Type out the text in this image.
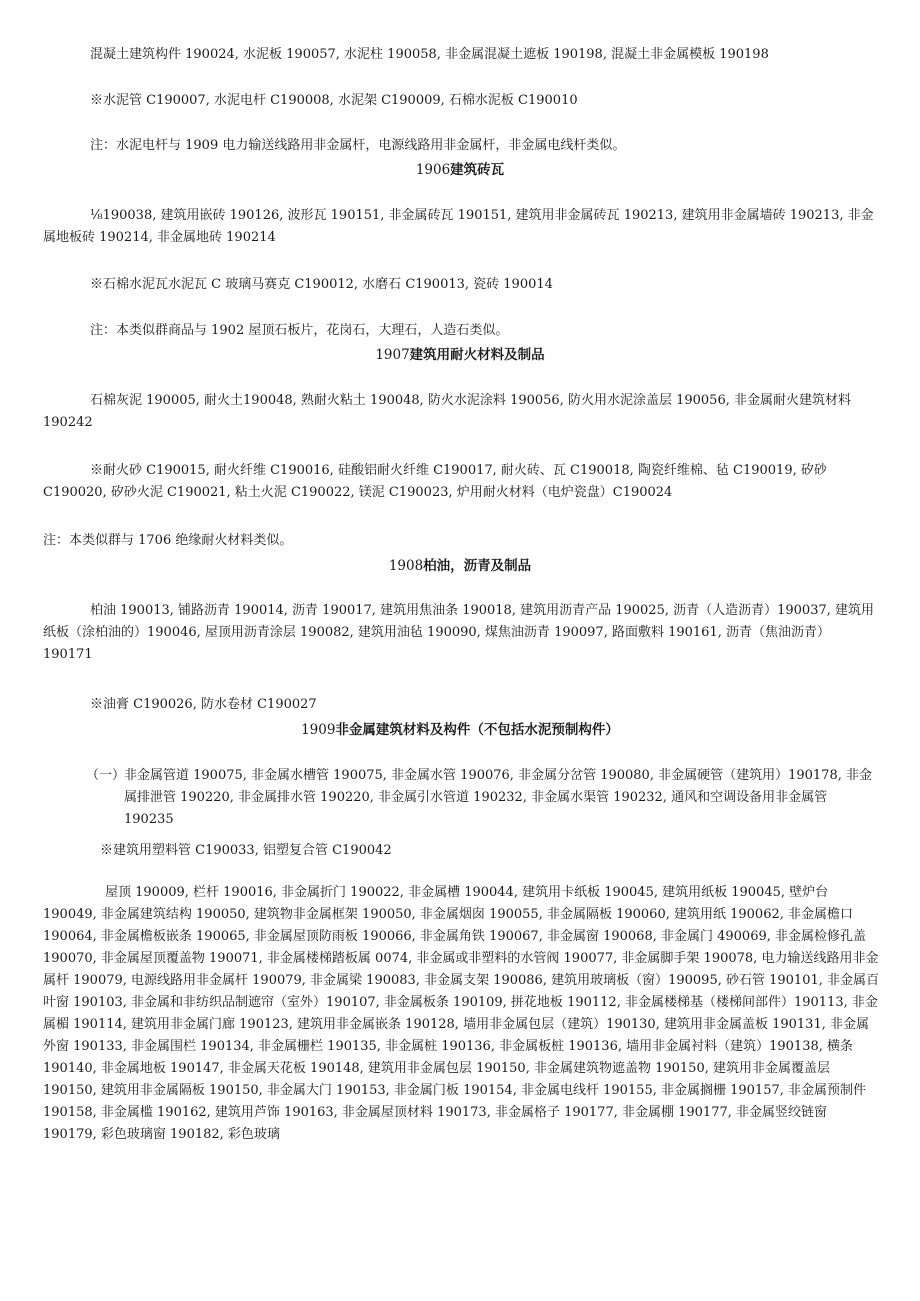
混凝土建筑构件 190024, 水泥板 190057, 水泥柱 190058, 非金属混凝土遮板 190198, 混凝土非金属模板 190198

※水泥管 C190007, 水泥电杆 C190008, 水泥架 C190009, 石棉水泥板 C190010

注：水泥电杆与 1909 电力输送线路用非金属杆，电源线路用非金属杆，非金属电线杆类似。

1906建筑砖瓦

⅛190038, 建筑用嵌砖 190126, 波形瓦 190151, 非金属砖瓦 190151, 建筑用非金属砖瓦 190213, 建筑用非金属墙砖 190213, 非金属地板砖 190214, 非金属地砖 190214

※石棉水泥瓦水泥瓦 C 玻璃马赛克 C190012, 水磨石 C190013, 瓷砖 190014

注：本类似群商品与 1902 屋顶石板片，花岗石，大理石，人造石类似。

1907建筑用耐火材料及制品

石棉灰泥 190005, 耐火土190048, 熟耐火粘土 190048, 防火水泥涂料 190056, 防火用水泥涂盖层 190056, 非金属耐火建筑材料 190242

※耐火砂 C190015, 耐火纤维 C190016, 硅酸铝耐火纤维 C190017, 耐火砖、瓦 C190018, 陶瓷纤维棉、毡 C190019, 矽砂 C190020, 矽砂火泥 C190021, 粘土火泥 C190022, 镁泥 C190023, 炉用耐火材料（电炉瓷盘）C190024

注：本类似群与 1706 绝缘耐火材料类似。

1908柏油，沥青及制品

柏油 190013, 铺路沥青 190014, 沥青 190017, 建筑用焦油条 190018, 建筑用沥青产品 190025, 沥青（人造沥青）190037, 建筑用纸板（涂柏油的）190046, 屋顶用沥青涂层 190082, 建筑用油毡 190090, 煤焦油沥青 190097, 路面敷料 190161, 沥青（焦油沥青）190171

※油膏 C190026, 防水卷材 C190027

1909非金属建筑材料及构件（不包括水泥预制构件）
（一）
非金属管道 190075, 非金属水槽管 190075, 非金属水管 190076, 非金属分岔管 190080, 非金属硬管（建筑用）190178, 非金属排泄管 190220, 非金属排水管 190220, 非金属引水管道 190232, 非金属水渠管 190232, 通风和空调设备用非金属管 190235

※建筑用塑料管 C190033, 铝塑复合管 C190042

屋顶 190009, 栏杆 190016, 非金属折门 190022, 非金属槽 190044, 建筑用卡纸板 190045, 建筑用纸板 190045, 壁炉台 190049, 非金属建筑结构 190050, 建筑物非金属框架 190050, 非金属烟囱 190055, 非金属隔板 190060, 建筑用纸 190062, 非金属檐口 190064, 非金属檐板嵌条 190065, 非金属屋顶防雨板 190066, 非金属角铁 190067, 非金属窗 190068, 非金属门 490069, 非金属检修孔盖 190070, 非金属屋顶覆盖物 190071, 非金属楼梯踏板属 0074, 非金属或非塑料的水管阀 190077, 非金属脚手架 190078, 电力输送线路用非金属杆 190079, 电源线路用非金属杆 190079, 非金属梁 190083, 非金属支架 190086, 建筑用玻璃板（窗）190095, 砂石管 190101, 非金属百叶窗 190103, 非金属和非纺织品制遮帘（室外）190107, 非金属板条 190109, 拼花地板 190112, 非金属楼梯基（楼梯间部件）190113, 非金属楣 190114, 建筑用非金属门廊 190123, 建筑用非金属嵌条 190128, 墙用非金属包层（建筑）190130, 建筑用非金属盖板 190131, 非金属外窗 190133, 非金属围栏 190134, 非金属栅栏 190135, 非金属桩 190136, 非金属板桩 190136, 墙用非金属衬料（建筑）190138, 横条 190140, 非金属地板 190147, 非金属天花板 190148, 建筑用非金属包层 190150, 非金属建筑物遮盖物 190150, 建筑用非金属覆盖层 190150, 建筑用非金属隔板 190150, 非金属大门 190153, 非金属门板 190154, 非金属电线杆 190155, 非金属搁栅 190157, 非金属预制件 190158, 非金属槛 190162, 建筑用芦饰 190163, 非金属屋顶材料 190173, 非金属格子 190177, 非金属棚 190177, 非金属竖绞链窗 190179, 彩色玻璃窗 190182, 彩色玻璃
